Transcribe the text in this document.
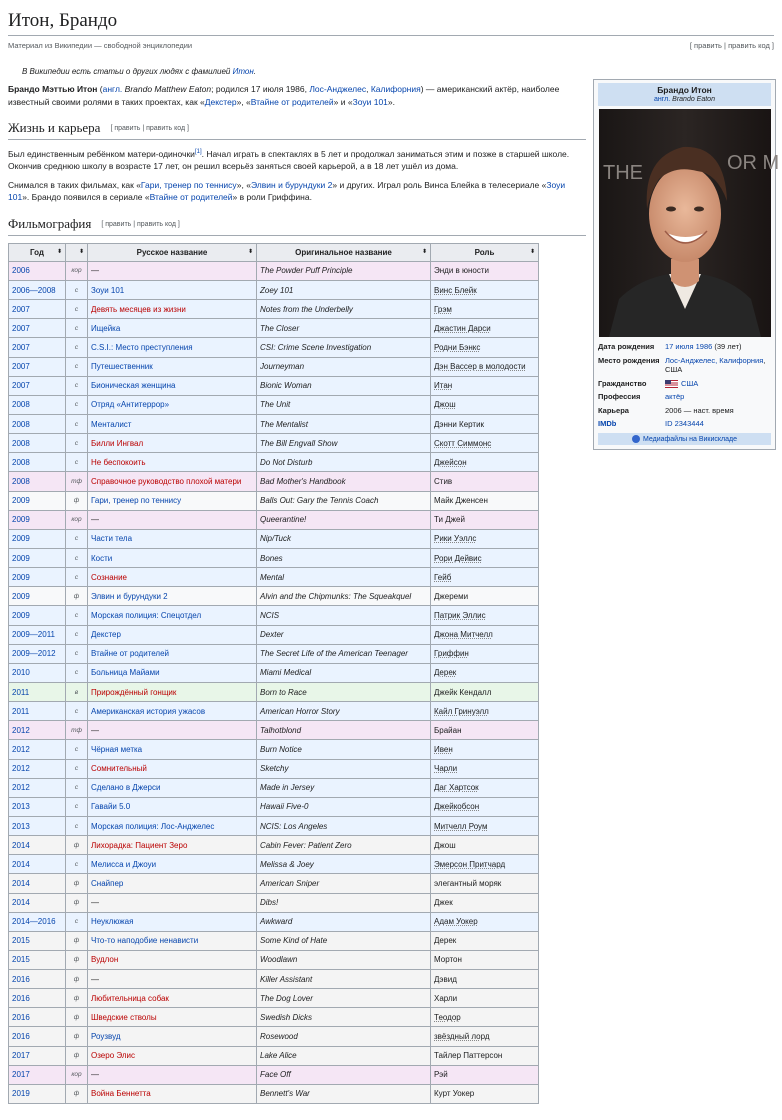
Итон, Брандо
Материал из Википедии — свободной энциклопедии	[ править | править код ]
В Википедии есть статьи о других людях с фамилией Итон.

Брандо Мэттью Итон (англ. Brando Matthew Eaton; родился 17 июля 1986, Лос-Анджелес, Калифорния) — американский актёр, наиболее известный своими ролями в таких проектах, как «Декстер», «Втайне от родителей» и «Зоуи 101».

Жизнь и карьера [ править | править код ]

Был единственным ребёнком матери-одиночки[1]. Начал играть в спектаклях в 5 лет и продолжал заниматься этим и позже в старшей школе. Окончив среднюю школу в возрасте 17 лет, он решил всерьёз заняться своей карьерой, а в 18 лет ушёл из дома.

Снимался в таких фильмах, как «Гари, тренер по теннису», «Элвин и бурундуки 2» и других. Играл роль Винса Блейка в телесериале «Зоуи 101». Брандо появился в сериале «Втайне от родителей» в роли Гриффина.

Фильмография [ править | править код ]
Год ⬍	⬍	Русское название ⬍	Оригинальное название ⬍	Роль ⬍

2006	кор	—	The Powder Puff Principle	Энди в юности
2006—2008	с	Зоуи 101	Zoey 101	Винс Блейк
2007	с	Девять месяцев из жизни	Notes from the Underbelly	Грэм
2007	с	Ищейка	The Closer	Джастин Дарси
2007	с	C.S.I.: Место преступления	CSI: Crime Scene Investigation	Родни Бэнкс
2007	с	Путешественник	Journeyman	Дэн Вассер в молодости
2007	с	Бионическая женщина	Bionic Woman	Итан
2008	с	Отряд «Антитеррор»	The Unit	Джош
2008	с	Менталист	The Mentalist	Дэнни Кертик
2008	с	Билли Ингвал	The Bill Engvall Show	Скотт Симмонс
2008	с	Не беспокоить	Do Not Disturb	Джейсон
2008	тф	Справочное руководство плохой матери	Bad Mother's Handbook	Стив
2009	ф	Гари, тренер по теннису	Balls Out: Gary the Tennis Coach	Майк Дженсен
2009	кор	—	Queerantine!	Ти Джей
2009	с	Части тела	Nip/Tuck	Рики Уэллс
2009	с	Кости	Bones	Рори Дейвис
2009	с	Сознание	Mental	Гейб
2009	ф	Элвин и бурундуки 2	Alvin and the Chipmunks: The Squeakquel	Джереми
2009	с	Морская полиция: Спецотдел	NCIS	Патрик Эллис
2009—2011	с	Декстер	Dexter	Джона Митчелл
2009—2012	с	Втайне от родителей	The Secret Life of the American Teenager	Гриффин
2010	с	Больница Майами	Miami Medical	Дерек
2011	в	Прирождённый гонщик	Born to Race	Джейк Кендалл
2011	с	Американская история ужасов	American Horror Story	Кайл Гринуэлл
2012	тф	—	Talhotblond	Брайан
2012	с	Чёрная метка	Burn Notice	Ивен
2012	с	Сомнительный	Sketchy	Чарли
2012	с	Сделано в Джерси	Made in Jersey	Даг Хартсок
2013	с	Гавайи 5.0	Hawaii Five-0	Джейкобсон
2013	с	Морская полиция: Лос-Анджелес	NCIS: Los Angeles	Митчелл Роум
2014	ф	Лихорадка: Пациент Зеро	Cabin Fever: Patient Zero	Джош
2014	с	Мелисса и Джоуи	Melissa & Joey	Эмерсон Притчард
2014	ф	Снайпер	American Sniper	элегантный моряк
2014	ф	—	Dibs!	Джек
2014—2016	с	Неуклюжая	Awkward	Адам Уокер
2015	ф	Что-то наподобие ненависти	Some Kind of Hate	Дерек
2015	ф	Вудлон	Woodlawn	Мортон
2016	ф	—	Killer Assistant	Дэвид
2016	ф	Любительница собак	The Dog Lover	Харли
2016	ф	Шведские стволы	Swedish Dicks	Теодор
2016	ф	Роузвуд	Rosewood	звёздный лорд
2017	ф	Озеро Элис	Lake Alice	Тайлер Паттерсон
2017	кор	—	Face Off	Рэй
2019	ф	Война Беннетта	Bennett's War	Курт Уокер
Брандо Итон
англ. Brando Eaton
THE	OR M
Дата рождения	17 июля 1986 (39 лет)
Место рождения Лос-Анджелес, Калифорния, США
Гражданство	США
Профессия	актёр
Карьера	2006 — наст. время
IMDb	ID 2343444
Медиафайлы на Викискладе
